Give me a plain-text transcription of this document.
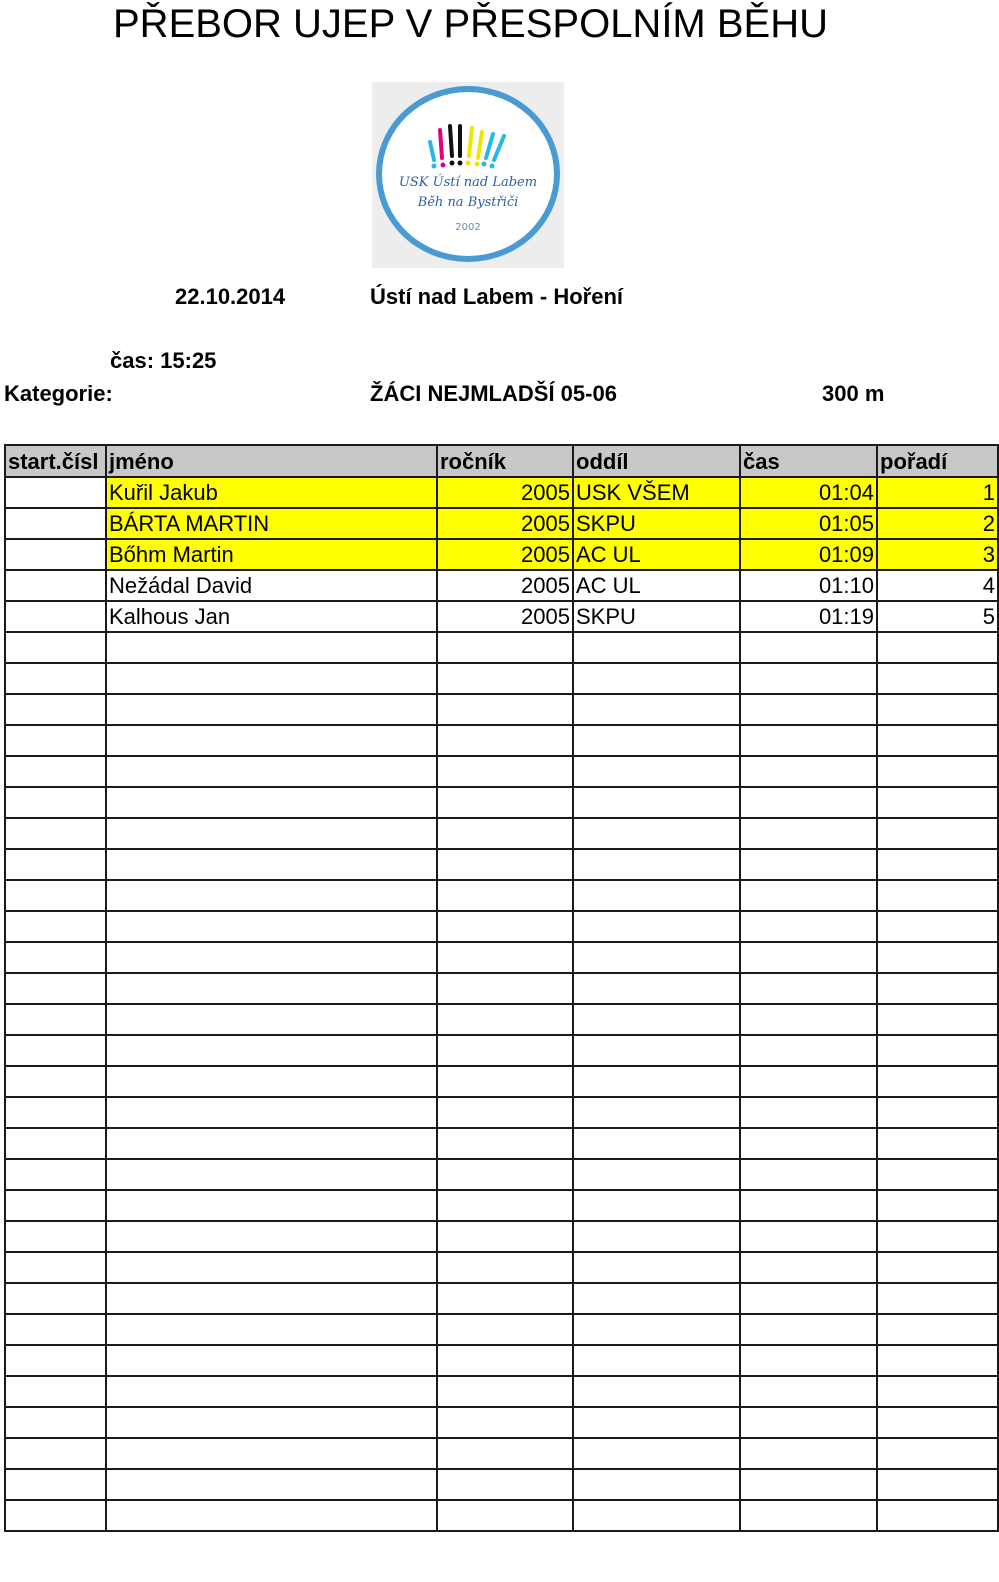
PŘEBOR UJEP V PŘESPOLNÍM BĚHU
USK Ústí nad Labem
Běh na Bystřiči
2002
22.10.2014	Ústí nad Labem - Hoření
čas: 15:25
Kategorie:	ŽÁCI NEJMLADŠÍ 05-06	300 m
start.čísl	jméno	ročník	oddíl	čas	pořadí
	Kuřil Jakub	2005	USK VŠEM	01:04	1
	BÁRTA MARTIN	2005	SKPU	01:05	2
	Bőhm Martin	2005	AC UL	01:09	3
	Nežádal David	2005	AC UL	01:10	4
	Kalhous Jan	2005	SKPU	01:19	5
